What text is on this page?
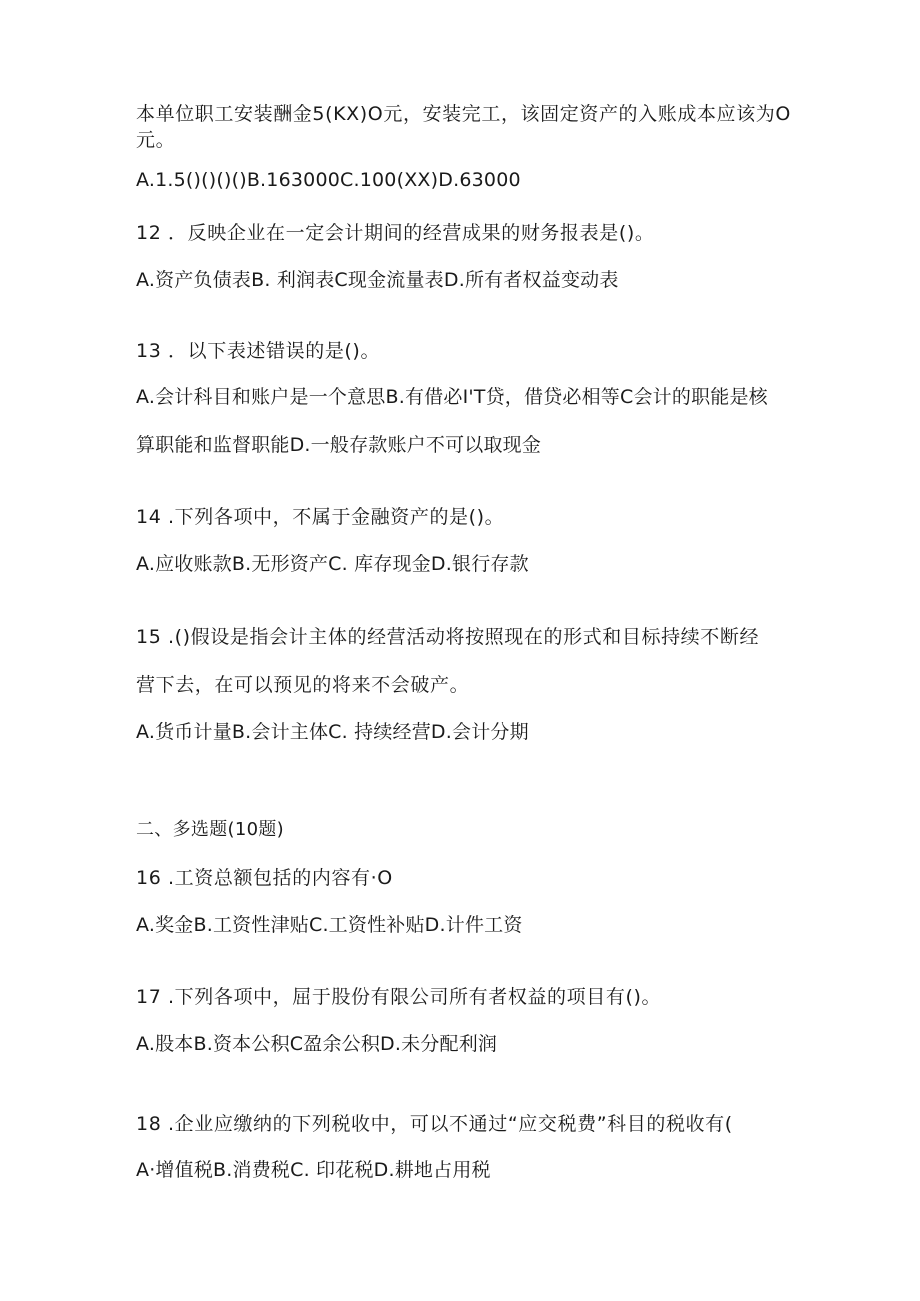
本单位职工安装酬金5(KX)O元，安装完工，该固定资产的入账成本应该为O
元。
A.1.5()()()()B.163000C.100(XX)D.63000
12 ．反映企业在一定会计期间的经营成果的财务报表是()。
A.资产负债表B. 利润表C现金流量表D.所有者权益变动表
13 ．以下表述错误的是()。
A.会计科目和账户是一个意思B.有借必I'T贷，借贷必相等C会计的职能是核
算职能和监督职能D.一般存款账户不可以取现金
14 .下列各项中，不属于金融资产的是()。
A.应收账款B.无形资产C. 库存现金D.银行存款
15 .()假设是指会计主体的经营活动将按照现在的形式和目标持续不断经
营下去，在可以预见的将来不会破产。
A.货币计量B.会计主体C. 持续经营D.会计分期
二、多选题(10题)
16 .工资总额包括的内容有·O
A.奖金B.工资性津贴C.工资性补贴D.计件工资
17 .下列各项中，屈于股份有限公司所有者权益的项目有()。
A.股本B.资本公积C盈余公积D.未分配利润
18 .企业应缴纳的下列税收中，可以不通过“应交税费”科目的税收有(
A·增值税B.消费税C. 印花税D.耕地占用税
